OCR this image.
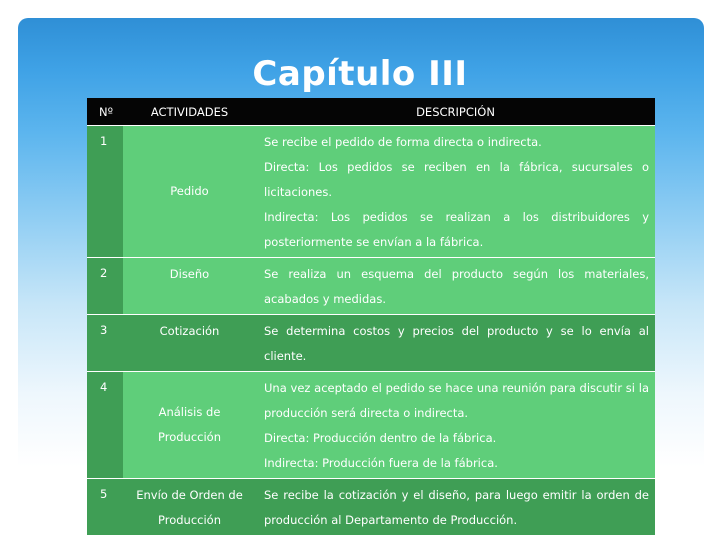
Capítulo III
Nº	ACTIVIDADES	DESCRIPCIÓN
1	Pedido	Se recibe el pedido de forma directa o indirecta.
Directa: Los pedidos se reciben en la fábrica, sucursales o licitaciones.
Indirecta: Los pedidos se realizan a los distribuidores y posteriormente se envían a la fábrica.

2	Diseño	Se realiza un esquema del producto según los materiales, acabados y medidas.

3	Cotización	Se determina costos y precios del producto y se lo envía al cliente.

4	Análisis de Producción	Una vez aceptado el pedido se hace una reunión para discutir si la producción será directa o indirecta.
Directa: Producción dentro de la fábrica.
Indirecta: Producción fuera de la fábrica.

5	Envío de Orden de Producción	Se recibe la cotización y el diseño, para luego emitir la orden de producción al Departamento de Producción.
